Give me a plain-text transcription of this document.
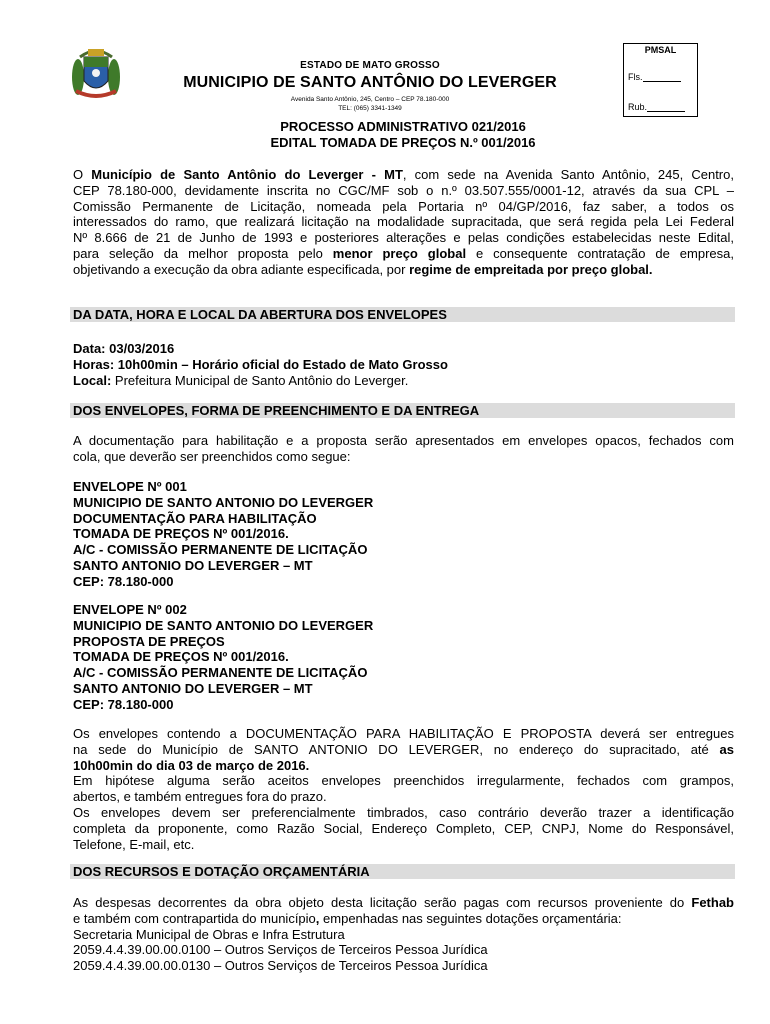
ESTADO DE MATO GROSSO
MUNICIPIO DE SANTO ANTÔNIO DO LEVERGER
Avenida Santo Antônio, 245, Centro – CEP 78.180-000
TEL: (065) 3341-1349
PMSAL
Fls.
Rub.
PROCESSO ADMINISTRATIVO 021/2016
EDITAL TOMADA DE PREÇOS N.º 001/2016
O Município de Santo Antônio do Leverger - MT, com sede na Avenida Santo Antônio, 245, Centro,
CEP 78.180-000, devidamente inscrita no CGC/MF sob o n.º 03.507.555/0001-12, através da sua CPL –
Comissão Permanente de Licitação, nomeada pela Portaria nº 04/GP/2016, faz saber, a todos os
interessados do ramo, que realizará licitação na modalidade supracitada, que será regida pela Lei Federal
Nº 8.666 de 21 de Junho de 1993 e posteriores alterações e pelas condições estabelecidas neste Edital,
para seleção da melhor proposta pelo menor preço global e consequente contratação de empresa,
objetivando a execução da obra adiante especificada, por regime de empreitada por preço global.
DA DATA, HORA E LOCAL DA ABERTURA DOS ENVELOPES
Data: 03/03/2016
Horas: 10h00min – Horário oficial do Estado de Mato Grosso
Local: Prefeitura Municipal de Santo Antônio do Leverger.
DOS ENVELOPES, FORMA DE PREENCHIMENTO E DA ENTREGA
A documentação para habilitação e a proposta serão apresentados em envelopes opacos, fechados com
cola, que deverão ser preenchidos como segue:
ENVELOPE Nº 001
MUNICIPIO DE SANTO ANTONIO DO LEVERGER
DOCUMENTAÇÃO PARA HABILITAÇÃO
TOMADA DE PREÇOS Nº 001/2016.
A/C - COMISSÃO PERMANENTE DE LICITAÇÃO
SANTO ANTONIO DO LEVERGER – MT
CEP: 78.180-000
ENVELOPE Nº 002
MUNICIPIO DE SANTO ANTONIO DO LEVERGER
PROPOSTA DE PREÇOS
TOMADA DE PREÇOS Nº 001/2016.
A/C - COMISSÃO PERMANENTE DE LICITAÇÃO
SANTO ANTONIO DO LEVERGER – MT
CEP: 78.180-000
Os envelopes contendo a DOCUMENTAÇÃO PARA HABILITAÇÃO E PROPOSTA deverá ser entregues
na sede do Município de SANTO ANTONIO DO LEVERGER, no endereço do supracitado, até as
10h00min do dia 03 de março de 2016.
Em hipótese alguma serão aceitos envelopes preenchidos irregularmente, fechados com grampos,
abertos, e também entregues fora do prazo.
Os envelopes devem ser preferencialmente timbrados, caso contrário deverão trazer a identificação
completa da proponente, como Razão Social, Endereço Completo, CEP, CNPJ, Nome do Responsável,
Telefone, E-mail, etc.
DOS RECURSOS E DOTAÇÃO ORÇAMENTÁRIA
As despesas decorrentes da obra objeto desta licitação serão pagas com recursos proveniente do Fethab
e também com contrapartida do município, empenhadas nas seguintes dotações orçamentária:
Secretaria Municipal de Obras e Infra Estrutura
2059.4.4.39.00.00.0100 – Outros Serviços de Terceiros Pessoa Jurídica
2059.4.4.39.00.00.0130 – Outros Serviços de Terceiros Pessoa Jurídica
